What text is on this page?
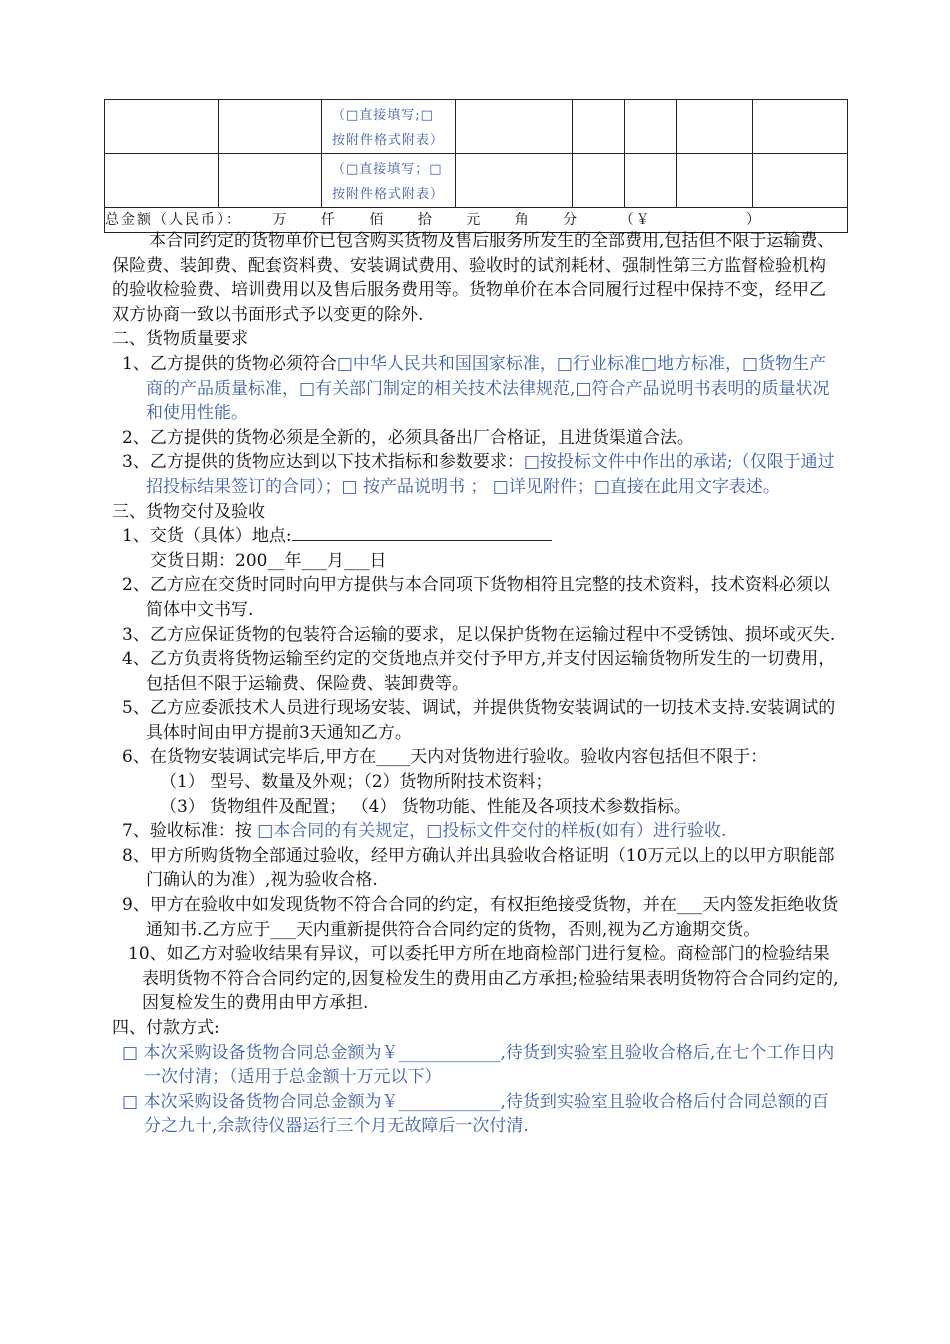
		（□直接填写;□按附件格式附表）					

		（□直接填写；□按附件格式附表）					

总金额（人民币）： 万 仟 佰 拾 元 角 分 （￥ ）							

本合同约定的货物单价已包含购买货物及售后服务所发生的全部费用,包括但不限于运输费、保险费、装卸费、配套资料费、安装调试费用、验收时的试剂耗材、强制性第三方监督检验机构的验收检验费、培训费用以及售后服务费用等。货物单价在本合同履行过程中保持不变，经甲乙双方协商一致以书面形式予以变更的除外.

二、货物质量要求

1、乙方提供的货物必须符合□中华人民共和国国家标准，□行业标准□地方标准，□货物生产商的产品质量标准，□有关部门制定的相关技术法律规范,□符合产品说明书表明的质量状况和使用性能。

2、乙方提供的货物必须是全新的，必须具备出厂合格证，且进货渠道合法。

3、乙方提供的货物应达到以下技术指标和参数要求：□按投标文件中作出的承诺;（仅限于通过招投标结果签订的合同）；□ 按产品说明书 ； □详见附件；□直接在此用文字表述。

三、货物交付及验收

1、交货（具体）地点:

交货日期：200__年___月___日

2、乙方应在交货时同时向甲方提供与本合同项下货物相符且完整的技术资料，技术资料必须以简体中文书写.

3、乙方应保证货物的包装符合运输的要求，足以保护货物在运输过程中不受锈蚀、损坏或灭失.

4、乙方负责将货物运输至约定的交货地点并交付予甲方,并支付因运输货物所发生的一切费用，包括但不限于运输费、保险费、装卸费等。

5、乙方应委派技术人员进行现场安装、调试，并提供货物安装调试的一切技术支持.安装调试的具体时间由甲方提前3天通知乙方。

6、在货物安装调试完毕后,甲方在____天内对货物进行验收。验收内容包括但不限于：

（1） 型号、数量及外观；（2）货物所附技术资料；

（3） 货物组件及配置； （4） 货物功能、性能及各项技术参数指标。

7、验收标准：按 □本合同的有关规定，□投标文件交付的样板(如有）进行验收.

8、甲方所购货物全部通过验收，经甲方确认并出具验收合格证明（10万元以上的以甲方职能部门确认的为准）,视为验收合格.

9、甲方在验收中如发现货物不符合合同的约定，有权拒绝接受货物，并在___天内签发拒绝收货通知书.乙方应于___天内重新提供符合合同约定的货物，否则,视为乙方逾期交货。

10、如乙方对验收结果有异议，可以委托甲方所在地商检部门进行复检。商检部门的检验结果表明货物不符合合同约定的,因复检发生的费用由乙方承担;检验结果表明货物符合合同约定的,因复检发生的费用由甲方承担.

四、付款方式:

□ 本次采购设备货物合同总金额为￥____________,待货到实验室且验收合格后,在七个工作日内一次付清；（适用于总金额十万元以下）

□ 本次采购设备货物合同总金额为￥____________,待货到实验室且验收合格后付合同总额的百分之九十,余款待仪器运行三个月无故障后一次付清.
